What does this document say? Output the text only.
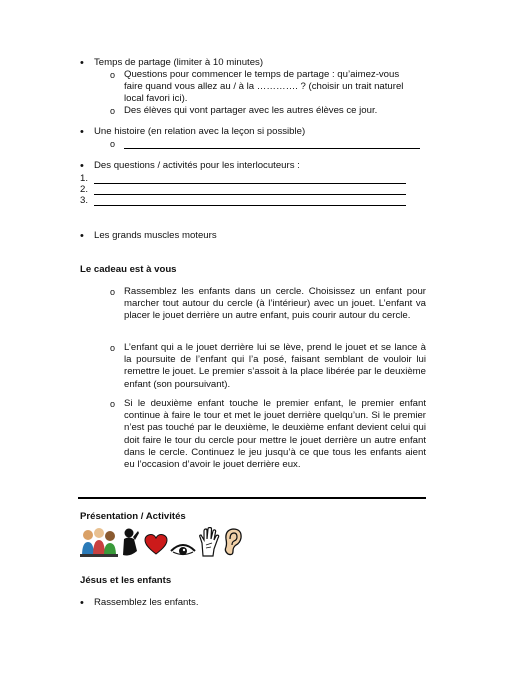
• Temps de partage (limiter à 10 minutes)
o Questions pour commencer le temps de partage : qu’aimez-vous
faire quand vous allez au / à la …………. ? (choisir un trait naturel
local favori ici).
o Des élèves qui vont partager avec les autres élèves ce jour.
• Une histoire (en relation avec la leçon si possible)
o
• Des questions / activités pour les interlocuteurs :
1.
2.
3.
• Les grands muscles moteurs
Le cadeau est à vous
o Rassemblez les enfants dans un cercle. Choisissez un enfant pour marcher tout autour du cercle (à l’intérieur) avec un jouet. L’enfant va placer le jouet derrière un autre enfant, puis courir autour du cercle.
o L’enfant qui a le jouet derrière lui se lève, prend le jouet et se lance à la poursuite de l’enfant qui l’a posé, faisant semblant de vouloir lui remettre le jouet. Le premier s’assoit à la place libérée par le deuxième enfant (son poursuivant).
o Si le deuxième enfant touche le premier enfant, le premier enfant continue à faire le tour et met le jouet derrière quelqu’un. Si le premier n’est pas touché par le deuxième, le deuxième enfant devient celui qui doit faire le tour du cercle pour mettre le jouet derrière un autre enfant dans le cercle. Continuez le jeu jusqu’à ce que tous les enfants aient eu l’occasion d’avoir le jouet derrière eux.
Présentation / Activités
Jésus et les enfants
• Rassemblez les enfants.
